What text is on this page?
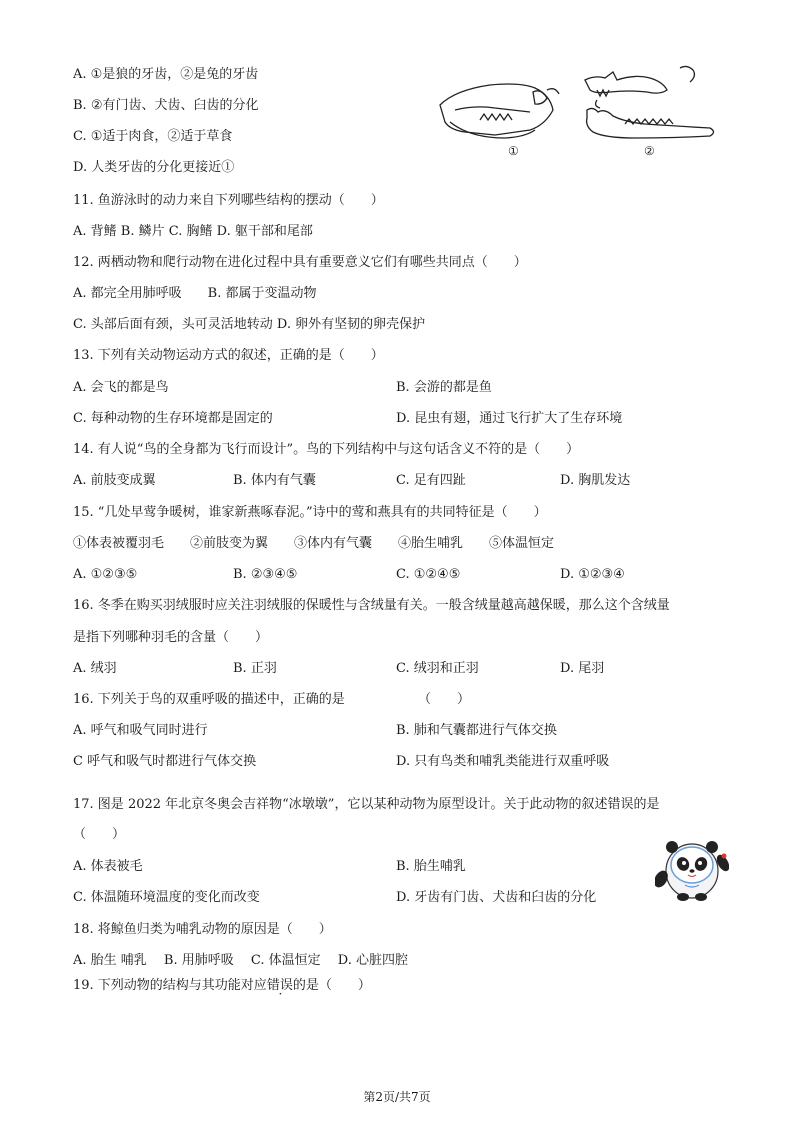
A. ①是狼的牙齿，②是兔的牙齿
B. ②有门齿、犬齿、臼齿的分化
C. ①适于肉食，②适于草食
D. 人类牙齿的分化更接近①
①	②
11. 鱼游泳时的动力来自下列哪些结构的摆动（　　）
A. 背鳍 B. 鳞片 C. 胸鳍 D. 躯干部和尾部
12. 两栖动物和爬行动物在进化过程中具有重要意义它们有哪些共同点（　　）
A. 都完全用肺呼吸　　B. 都属于变温动物
C. 头部后面有颈，头可灵活地转动 D. 卵外有坚韧的卵壳保护
13. 下列有关动物运动方式的叙述，正确的是（　　）
A. 会飞的都是鸟	B. 会游的都是鱼
C. 每种动物的生存环境都是固定的	D. 昆虫有翅，通过飞行扩大了生存环境
14. 有人说“鸟的全身都为飞行而设计”。鸟的下列结构中与这句话含义不符的是（　　）
A. 前肢变成翼	B. 体内有气囊	C. 足有四趾	D. 胸肌发达
15. “几处早莺争暖树，谁家新燕啄春泥。”诗中的莺和燕具有的共同特征是（　　）
①体表被覆羽毛　　②前肢变为翼　　③体内有气囊　　④胎生哺乳　　⑤体温恒定
A. ①②③⑤	B. ②③④⑤	C. ①②④⑤	D. ①②③④
16. 冬季在购买羽绒服时应关注羽绒服的保暖性与含绒量有关。一般含绒量越高越保暖，那么这个含绒量
是指下列哪种羽毛的含量（　　）
A. 绒羽	B. 正羽	C. 绒羽和正羽	D. 尾羽
16. 下列关于鸟的双重呼吸的描述中，正确的是	（　　）
A. 呼气和吸气同时进行	B. 肺和气囊都进行气体交换
C 呼气和吸气时都进行气体交换	D. 只有鸟类和哺乳类能进行双重呼吸
17. 图是 2022 年北京冬奥会吉祥物“冰墩墩”，它以某种动物为原型设计。关于此动物的叙述错误的是
（　　）
A. 体表被毛	B. 胎生哺乳
C. 体温随环境温度的变化而改变	D. 牙齿有门齿、犬齿和臼齿的分化
18. 将鲸鱼归类为哺乳动物的原因是（　　）
A. 胎生 哺乳　 B. 用肺呼吸　 C. 体温恒定　 D. 心脏四腔
19. 下列动物的结构与其功能对应错误的是（　　）
第2页/共7页
